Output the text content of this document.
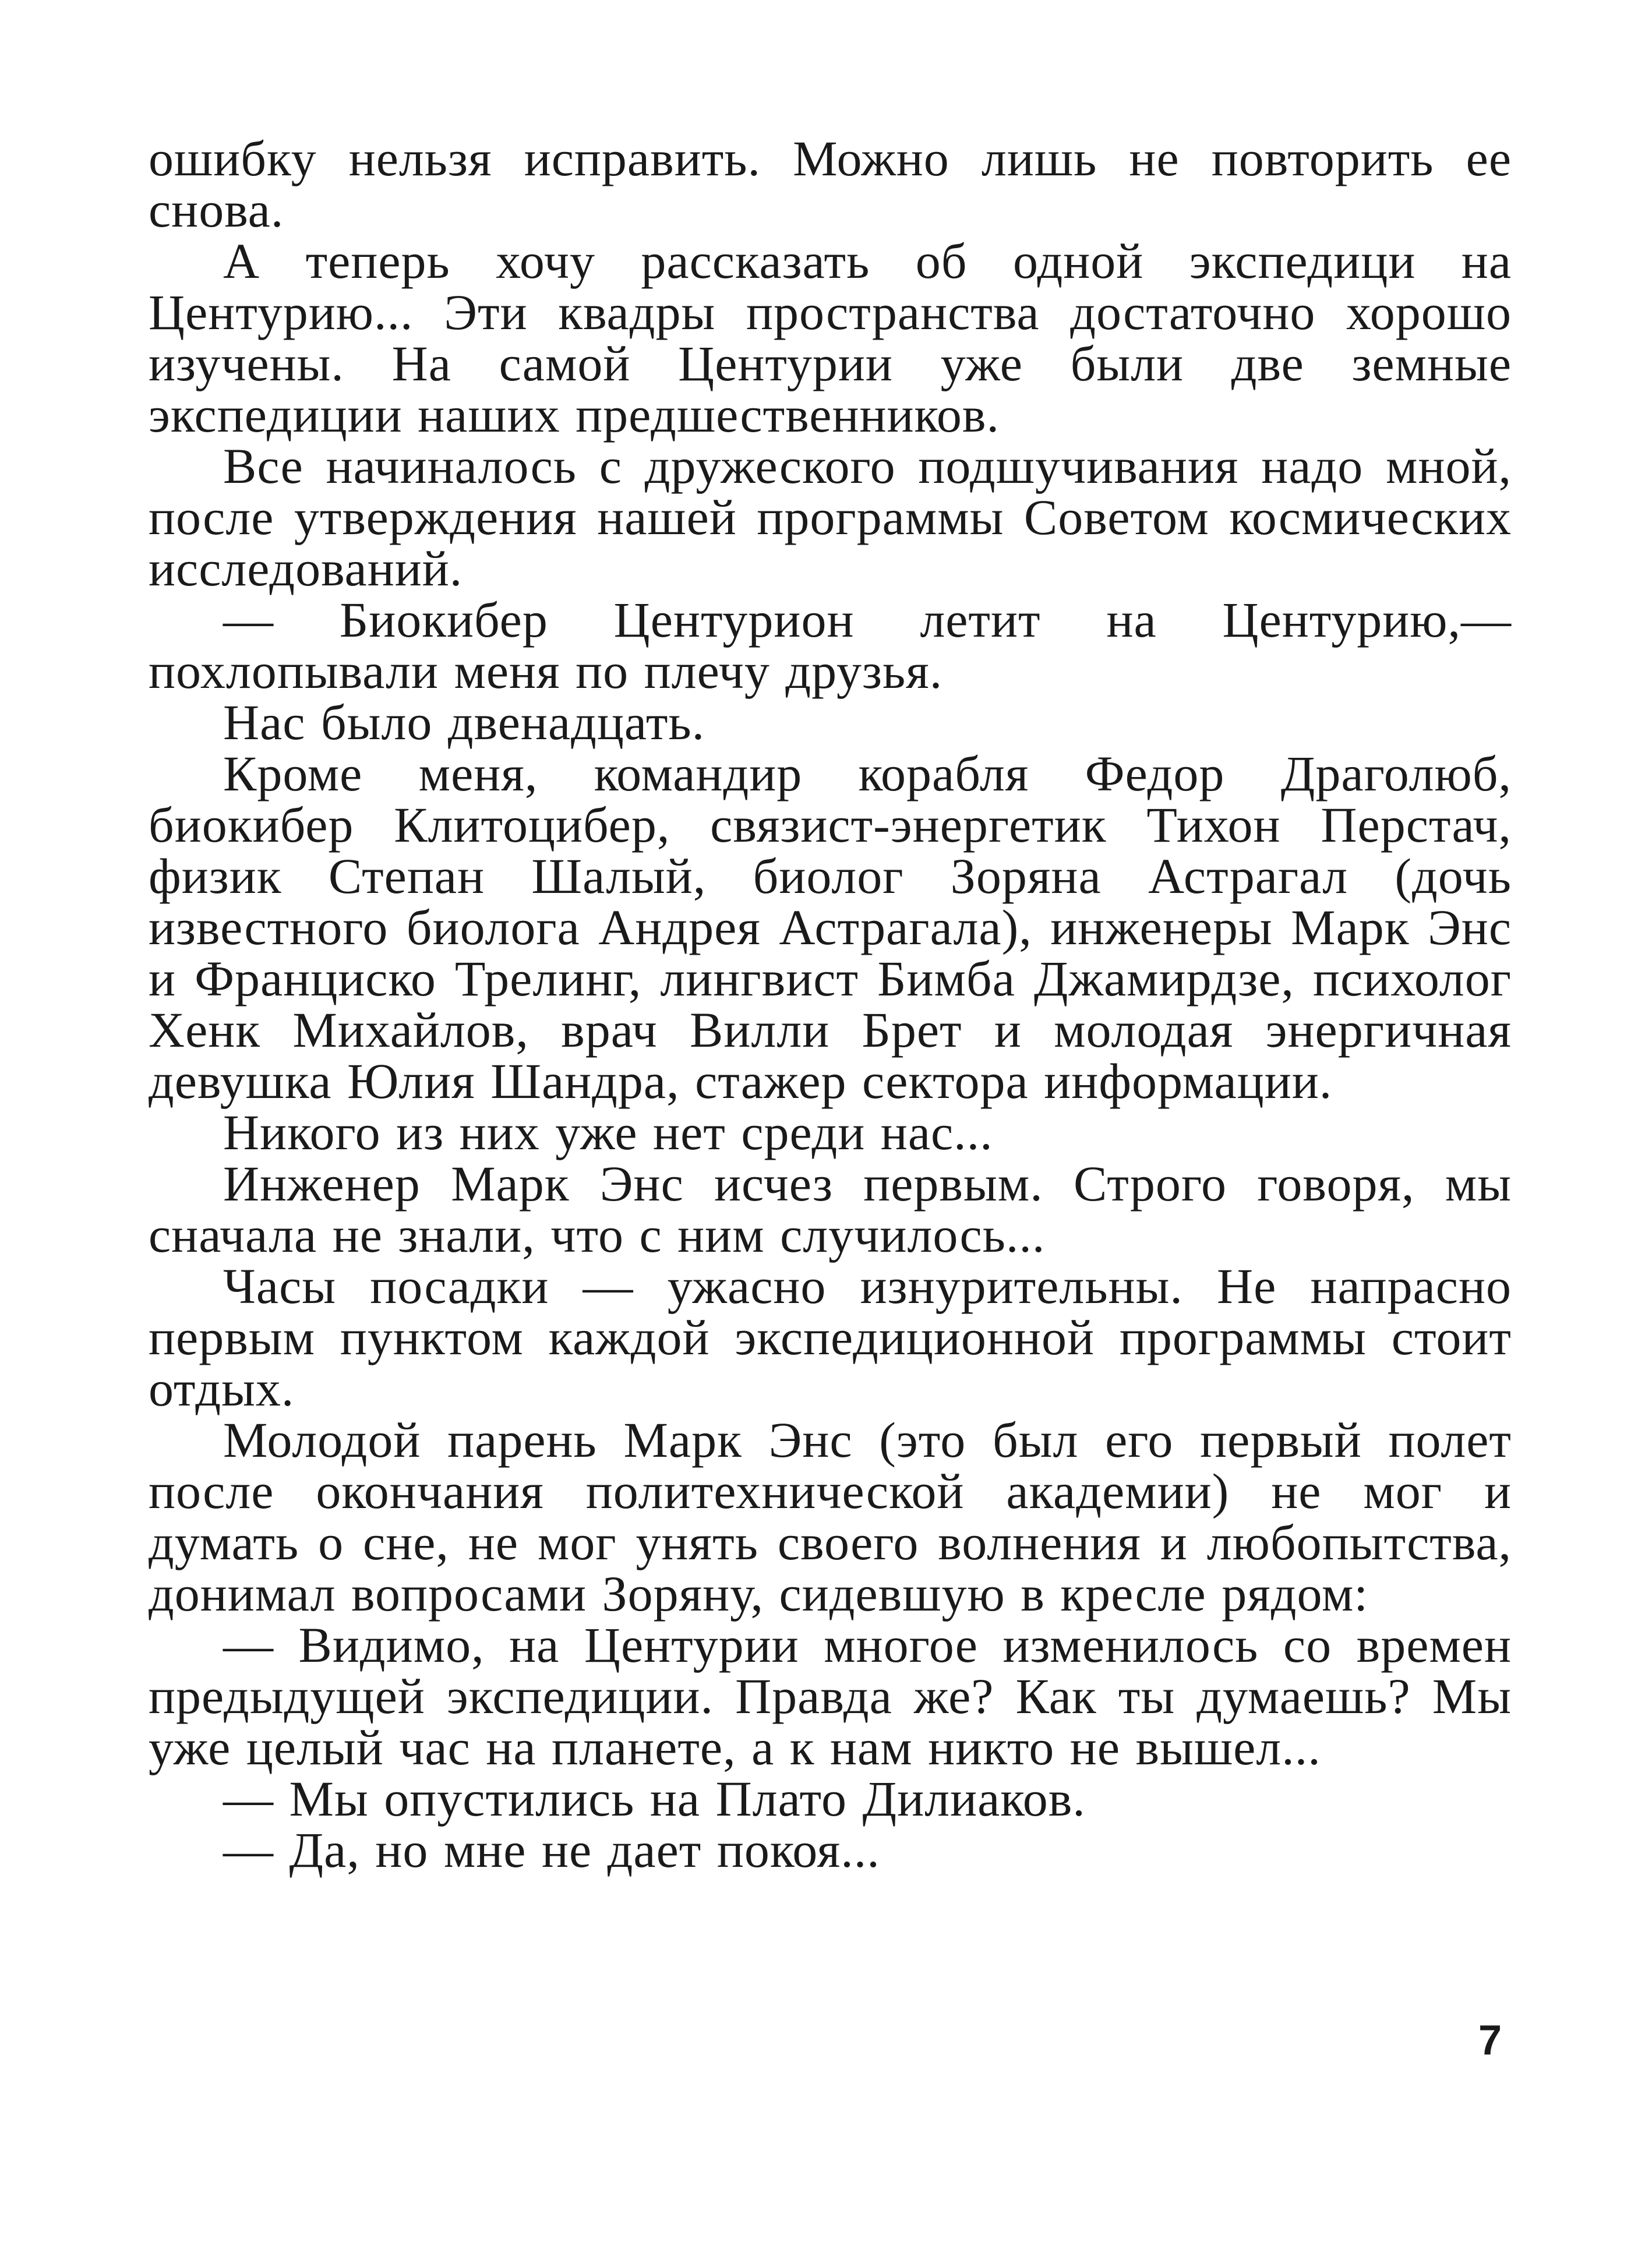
ошибку нельзя исправить. Можно лишь не повторить ее снова.

А теперь хочу рассказать об одной экспедици на Центурию... Эти квадры пространства достаточно хорошо изучены. На самой Центурии уже были две земные экспедиции наших предшественников.

Все начиналось с дружеского подшучивания надо мной, после утверждения нашей программы Советом космических исследований.

— Биокибер Центурион летит на Центурию,— похлопывали меня по плечу друзья.

Нас было двенадцать.

Кроме меня, командир корабля Федор Драголюб, биокибер Клитоцибер, связист-энергетик Тихон Перстач, физик Степан Шалый, биолог Зоряна Астрагал (дочь известного биолога Андрея Астрагала), инженеры Марк Энс и Франциско Трелинг, лингвист Бимба Джамирдзе, психолог Хенк Михайлов, врач Вилли Брет и молодая энергичная девушка Юлия Шандра, стажер сектора информации.

Никого из них уже нет среди нас...

Инженер Марк Энс исчез первым. Строго говоря, мы сначала не знали, что с ним случилось...

Часы посадки — ужасно изнурительны. Не напрасно первым пунктом каждой экспедиционной программы стоит отдых.

Молодой парень Марк Энс (это был его первый полет после окончания политехнической академии) не мог и думать о сне, не мог унять своего волнения и любопытства, донимал вопросами Зоряну, сидевшую в кресле рядом:

— Видимо, на Центурии многое изменилось со времен предыдущей экспедиции. Правда же? Как ты думаешь? Мы уже целый час на планете, а к нам никто не вышел...

— Мы опустились на Плато Дилиаков.

— Да, но мне не дает покоя...

7
